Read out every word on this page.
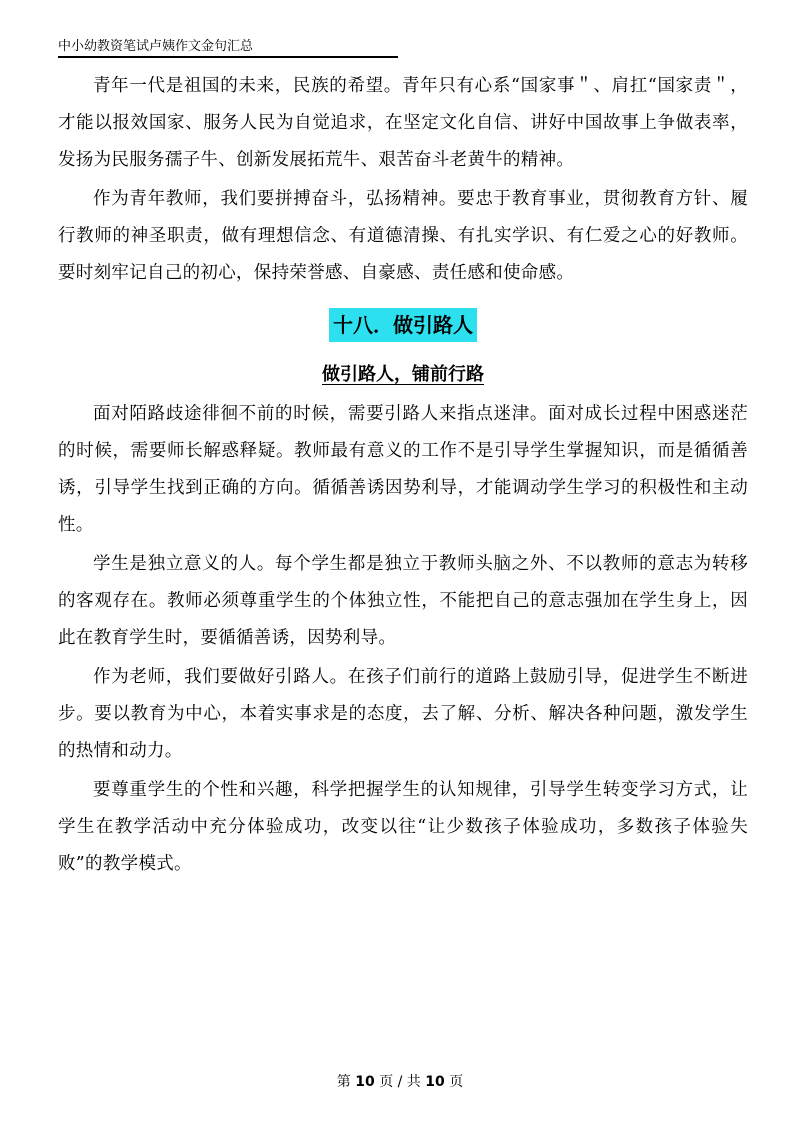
中小幼教资笔试卢姨作文金句汇总

青年一代是祖国的未来，民族的希望。青年只有心系“国家事＂、肩扛“国家责＂，才能以报效国家、服务人民为自觉追求，在坚定文化自信、讲好中国故事上争做表率，发扬为民服务孺子牛、创新发展拓荒牛、艰苦奋斗老黄牛的精神。

作为青年教师，我们要拼搏奋斗，弘扬精神。要忠于教育事业，贯彻教育方针、履行教师的神圣职责，做有理想信念、有道德清操、有扎实学识、有仁爱之心的好教师。要时刻牢记自己的初心，保持荣誉感、自豪感、责任感和使命感。

十八．做引路人
做引路人，铺前行路

面对陌路歧途徘徊不前的时候，需要引路人来指点迷津。面对成长过程中困惑迷茫的时候，需要师长解惑释疑。教师最有意义的工作不是引导学生掌握知识，而是循循善诱，引导学生找到正确的方向。循循善诱因势利导，才能调动学生学习的积极性和主动性。

学生是独立意义的人。每个学生都是独立于教师头脑之外、不以教师的意志为转移的客观存在。教师必须尊重学生的个体独立性，不能把自己的意志强加在学生身上，因此在教育学生时，要循循善诱，因势利导。

作为老师，我们要做好引路人。在孩子们前行的道路上鼓励引导，促进学生不断进步。要以教育为中心，本着实事求是的态度，去了解、分析、解决各种问题，激发学生的热情和动力。

要尊重学生的个性和兴趣，科学把握学生的认知规律，引导学生转变学习方式，让学生在教学活动中充分体验成功，改变以往“让少数孩子体验成功，多数孩子体验失败”的教学模式。

第 10 页 / 共 10 页
